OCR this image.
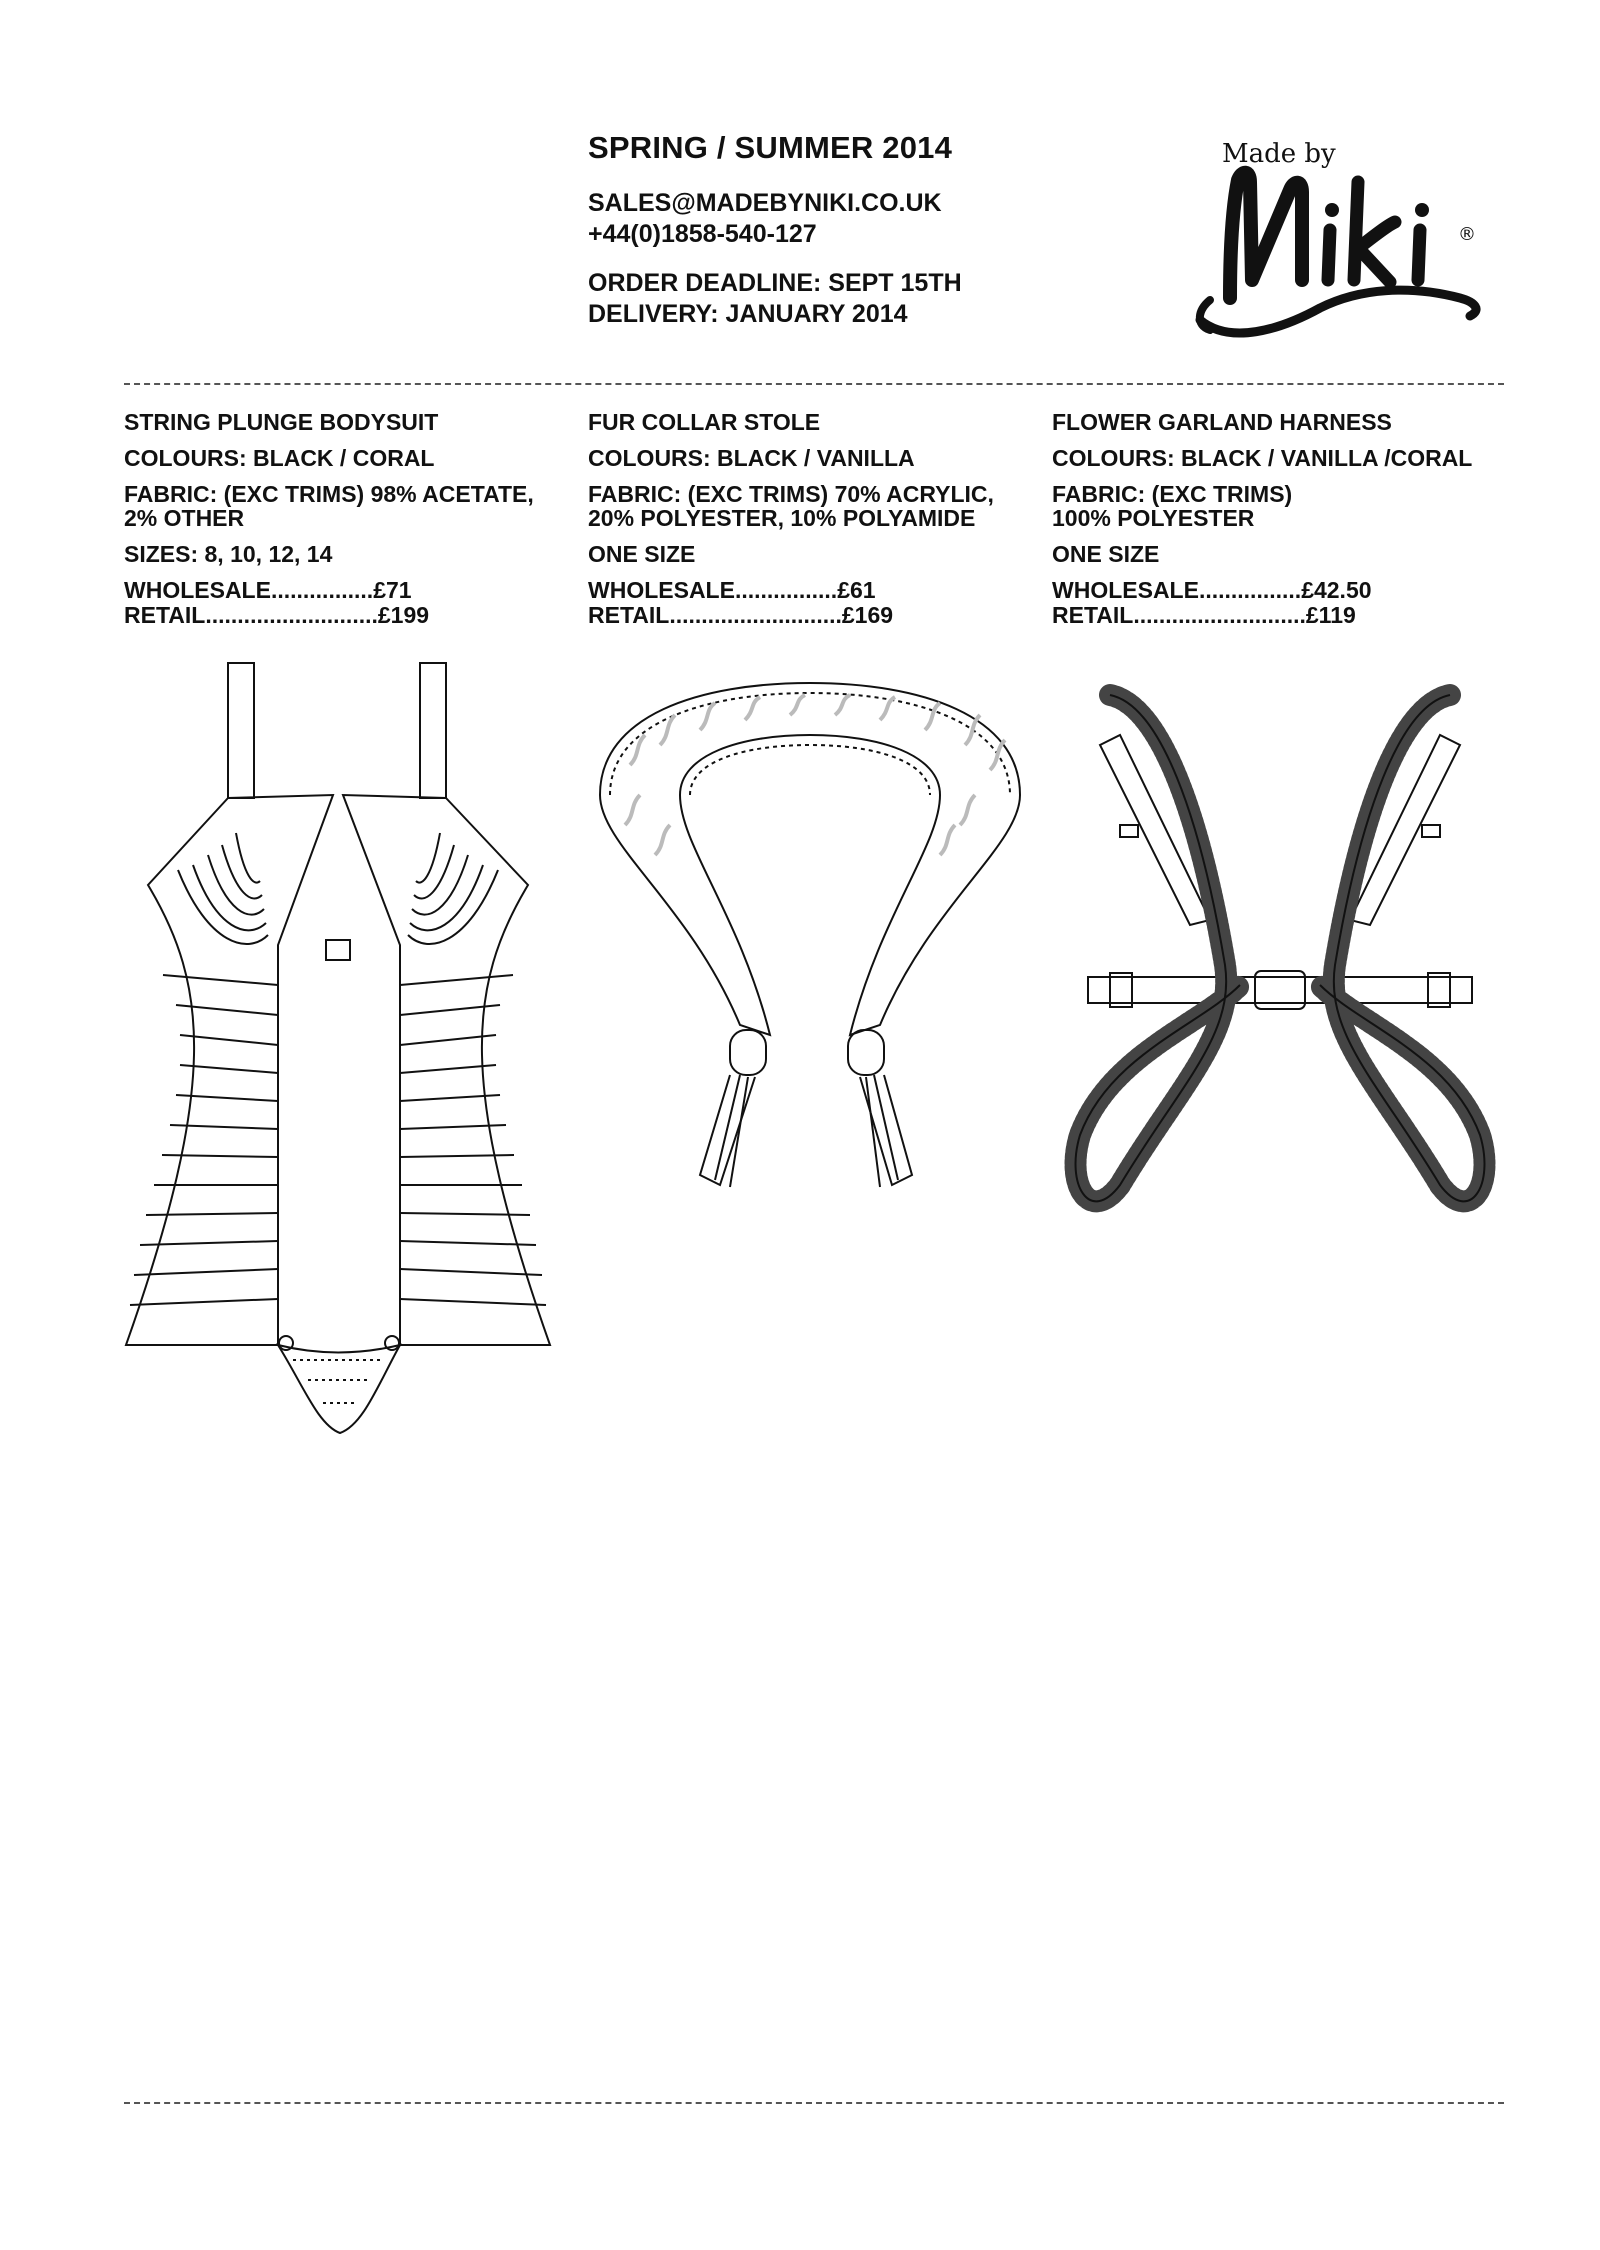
SPRING / SUMMER 2014

SALES@MADEBYNIKI.CO.UK

+44(0)1858-540-127

ORDER DEADLINE: SEPT 15TH

DELIVERY: JANUARY 2014

Made by
®

STRING PLUNGE BODYSUIT

COLOURS: BLACK / CORAL

FABRIC: (EXC TRIMS) 98% ACETATE,

2% OTHER

SIZES: 8, 10, 12, 14

WHOLESALE................ £71
RETAIL........................... £199

FUR COLLAR STOLE

COLOURS: BLACK / VANILLA

FABRIC: (EXC TRIMS) 70% ACRYLIC,

20% POLYESTER, 10% POLYAMIDE

ONE SIZE

WHOLESALE................ £61
RETAIL........................... £169

FLOWER GARLAND HARNESS

COLOURS: BLACK / VANILLA /CORAL

FABRIC: (EXC TRIMS)

100% POLYESTER

ONE SIZE

WHOLESALE................ £42.50
RETAIL........................... £119
